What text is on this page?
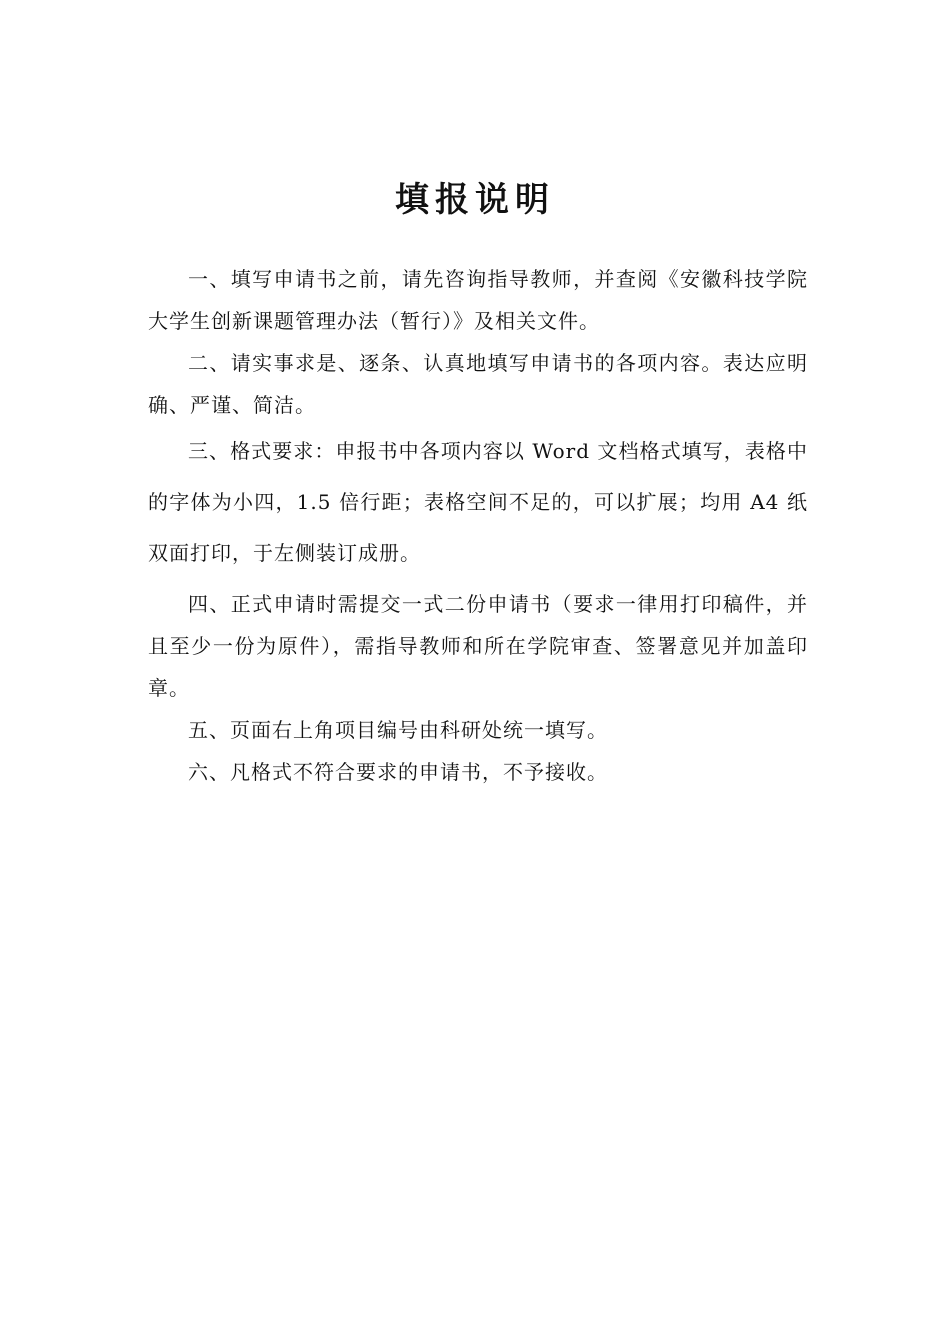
填报说明

一、填写申请书之前，请先咨询指导教师，并查阅《安徽科技学院大学生创新课题管理办法（暂行）》及相关文件。

二、请实事求是、逐条、认真地填写申请书的各项内容。表达应明确、严谨、简洁。

三、格式要求：申报书中各项内容以 Word 文档格式填写，表格中的字体为小四，1.5 倍行距；表格空间不足的，可以扩展；均用 A4 纸双面打印，于左侧装订成册。

四、正式申请时需提交一式二份申请书（要求一律用打印稿件，并且至少一份为原件），需指导教师和所在学院审查、签署意见并加盖印章。

五、页面右上角项目编号由科研处统一填写。

六、凡格式不符合要求的申请书，不予接收。
